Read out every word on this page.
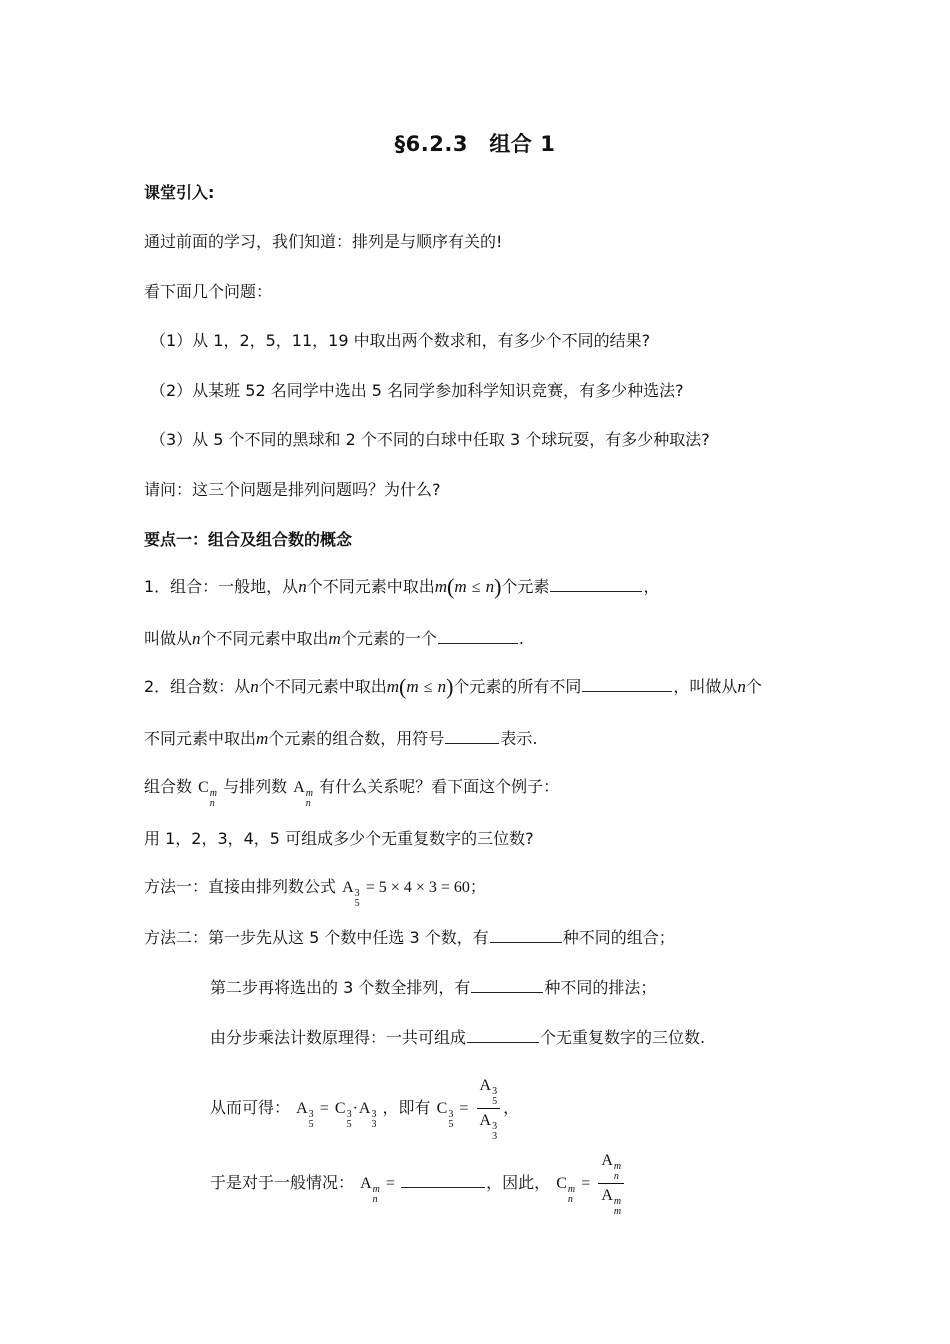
§6.2.3　组合 1
课堂引入:
通过前面的学习，我们知道：排列是与顺序有关的!
看下面几个问题：
（1）从 1，2，5，11，19 中取出两个数求和，有多少个不同的结果?
（2）从某班 52 名同学中选出 5 名同学参加科学知识竞赛，有多少种选法?
（3）从 5 个不同的黑球和 2 个不同的白球中任取 3 个球玩耍，有多少种取法?
请问：这三个问题是排列问题吗？为什么?
要点一：组合及组合数的概念
1．组合：一般地，从n个不同元素中取出m(m ≤ n)个元素	，
叫做从n个不同元素中取出m个元素的一个	.
2．组合数：从n个不同元素中取出m(m ≤ n)个元素的所有不同	，叫做从n个
不同元素中取出m个元素的组合数，用符号	表示.
组合数 C m
n
与排列数 A m
n
有什么关系呢？看下面这个例子：
用 1，2，3，4，5 可组成多少个无重复数字的三位数?
方法一：直接由排列数公式 A 3
5
= 5 × 4 × 3 = 60；
方法二：第一步先从这 5 个数中任选 3 个数，有	种不同的组合；
第二步再将选出的 3 个数全排列，有	种不同的排法；
由分步乘法计数原理得：一共可组成	个无重复数字的三位数.
从而可得： A 3
5
= C 3
5
·A 3
3
，即有 C 3
5
= A 3
5
A 3
3 ，
于是对于一般情况： A m
n
=	，因此， C m
n
= A m
n
A m
m
